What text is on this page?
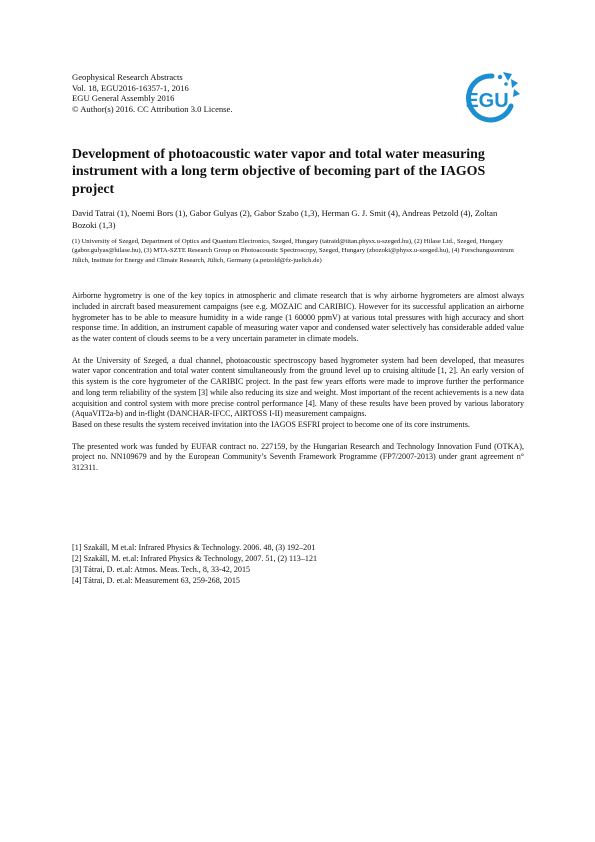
Geophysical Research Abstracts
Vol. 18, EGU2016-16357-1, 2016
EGU General Assembly 2016
© Author(s) 2016. CC Attribution 3.0 License.	EGU
Development of photoacoustic water vapor and total water measuring instrument with a long term objective of becoming part of the IAGOS project
David Tatrai (1), Noemi Bors (1), Gabor Gulyas (2), Gabor Szabo (1,3), Herman G. J. Smit (4), Andreas Petzold (4), Zoltan Bozoki (1,3)
(1) University of Szeged, Department of Optics and Quantum Electronics, Szeged, Hungary (tatraid@titan.physx.u-szeged.hu), (2) Hilase Ltd., Szeged, Hungary (gabor.gulyas@hilase.hu), (3) MTA-SZTE Research Group on Photoacoustic Spectroscopy, Szeged, Hungary (zbozoki@physx.u-szeged.hu), (4) Forschungszentrum Jülich, Institute for Energy and Climate Research, Jülich, Germany (a.petzold@fz-juelich.de)

Airborne hygrometry is one of the key topics in atmospheric and climate research that is why airborne hygrometers are almost always included in aircraft based measurement campaigns (see e.g. MOZAIC and CARIBIC). However for its successful application an airborne hygrometer has to be able to measure humidity in a wide range (1 60000 ppmV) at various total pressures with high accuracy and short response time. In addition, an instrument capable of measuring water vapor and condensed water selectively has considerable added value as the water content of clouds seems to be a very uncertain parameter in climate models.

At the University of Szeged, a dual channel, photoacoustic spectroscopy based hygrometer system had been developed, that measures water vapor concentration and total water content simultaneously from the ground level up to cruising altitude [1, 2]. An early version of this system is the core hygrometer of the CARIBIC project. In the past few years efforts were made to improve further the performance and long term reliability of the system [3] while also reducing its size and weight. Most important of the recent achievements is a new data acquisition and control system with more precise control performance [4]. Many of these results have been proved by various laboratory (AquaVIT2a-b) and in-flight (DANCHAR-IFCC, AIRTOSS I-II) measurement campaigns.

Based on these results the system received invitation into the IAGOS ESFRI project to become one of its core instruments.

The presented work was funded by EUFAR contract no. 227159, by the Hungarian Research and Technology Innovation Fund (OTKA), project no. NN109679 and by the European Community’s Seventh Framework Programme (FP7/2007-2013) under grant agreement n° 312311.

[1] Szakáll, M et.al: Infrared Physics & Technology. 2006. 48, (3) 192–201
[2] Szakáll, M. et.al: Infrared Physics & Technology, 2007. 51, (2) 113–121
[3] Tátrai, D. et.al: Atmos. Meas. Tech., 8, 33-42, 2015
[4] Tátrai, D. et.al: Measurement 63, 259-268, 2015
